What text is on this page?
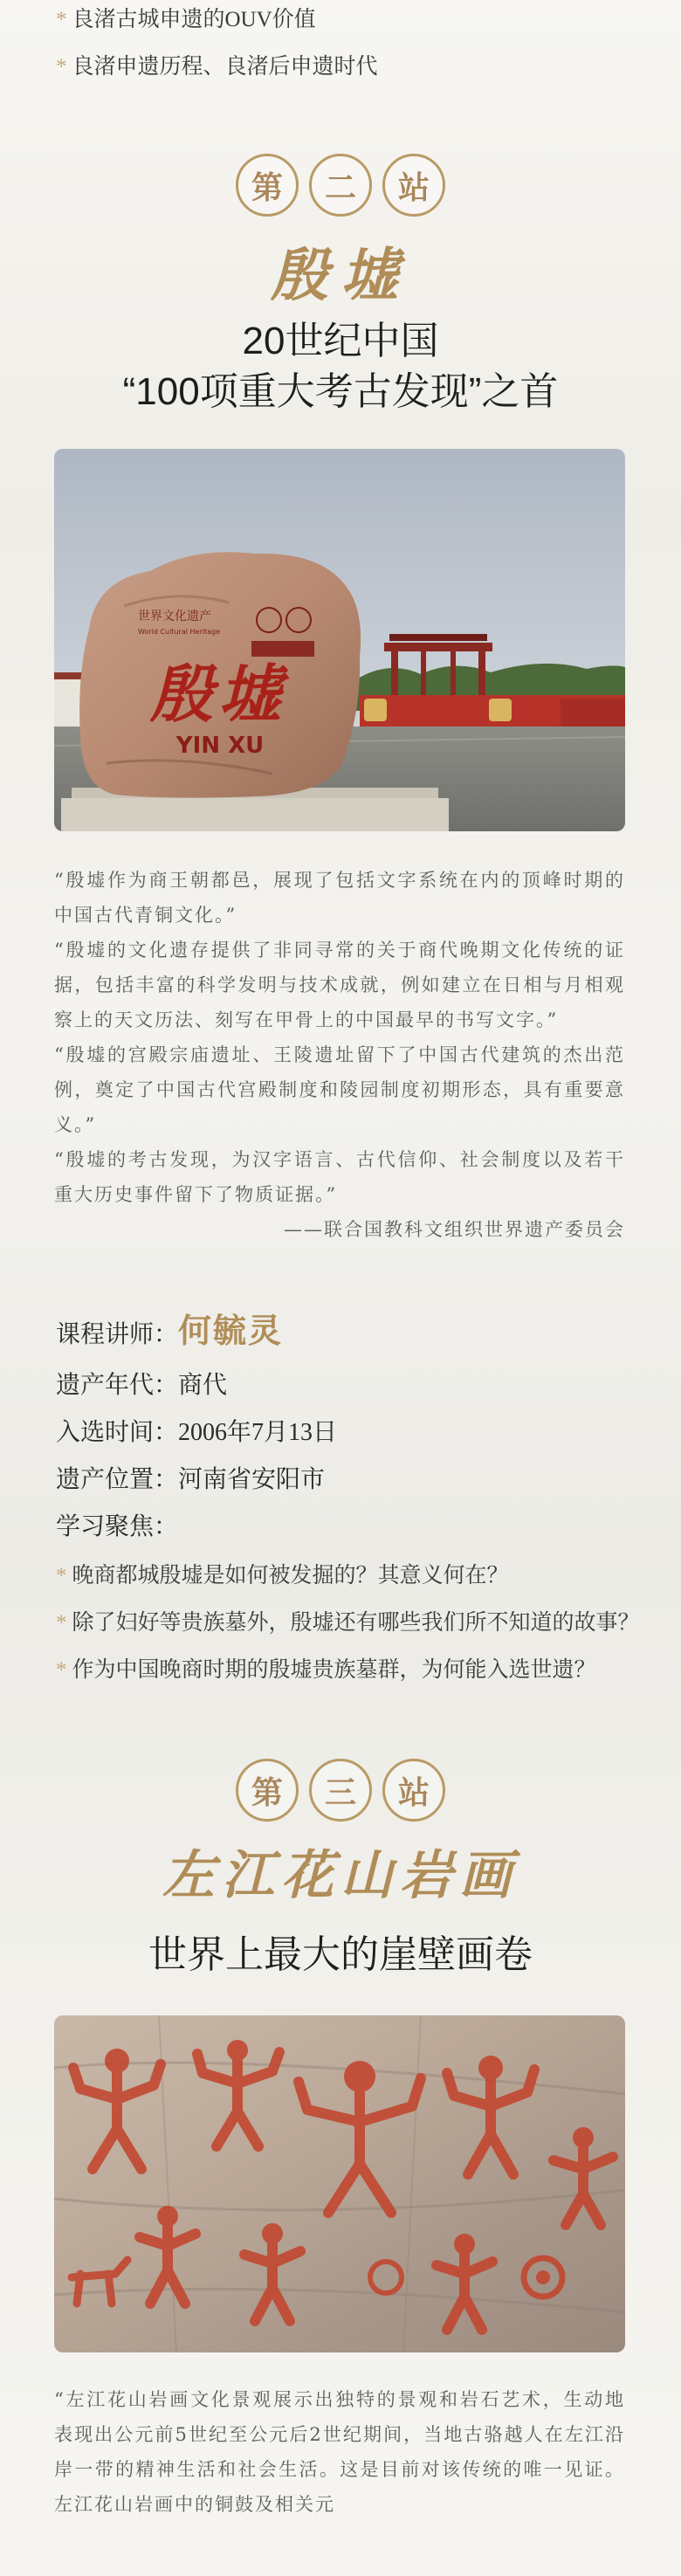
* 良渚古城申遗的OUV价值
* 良渚申遗历程、良渚后申遗时代
第	二	站
殷墟
20世纪中国
“100项重大考古发现”之首
世界文化遗产
World Cultural Heritage
殷墟
YIN XU

“殷墟作为商王朝都邑，展现了包括文字系统在内的顶峰时期的中国古代青铜文化。”

“殷墟的文化遗存提供了非同寻常的关于商代晚期文化传统的证据，包括丰富的科学发明与技术成就，例如建立在日相与月相观察上的天文历法、刻写在甲骨上的中国最早的书写文字。”

“殷墟的宫殿宗庙遗址、王陵遗址留下了中国古代建筑的杰出范例，奠定了中国古代宫殿制度和陵园制度初期形态，具有重要意义。”

“殷墟的考古发现，为汉字语言、古代信仰、社会制度以及若干重大历史事件留下了物质证据。”

——联合国教科文组织世界遗产委员会

课程讲师：何毓灵
遗产年代：商代
入选时间：2006年7月13日
遗产位置：河南省安阳市
学习聚焦：
* 晚商都城殷墟是如何被发掘的？其意义何在？
* 除了妇好等贵族墓外，殷墟还有哪些我们所不知道的故事？
* 作为中国晚商时期的殷墟贵族墓群，为何能入选世遗？
第	三	站
左江花山岩画
世界上最大的崖壁画卷

“左江花山岩画文化景观展示出独特的景观和岩石艺术，生动地表现出公元前5世纪至公元后2世纪期间，当地古骆越人在左江沿岸一带的精神生活和社会生活。这是目前对该传统的唯一见证。左江花山岩画中的铜鼓及相关元
